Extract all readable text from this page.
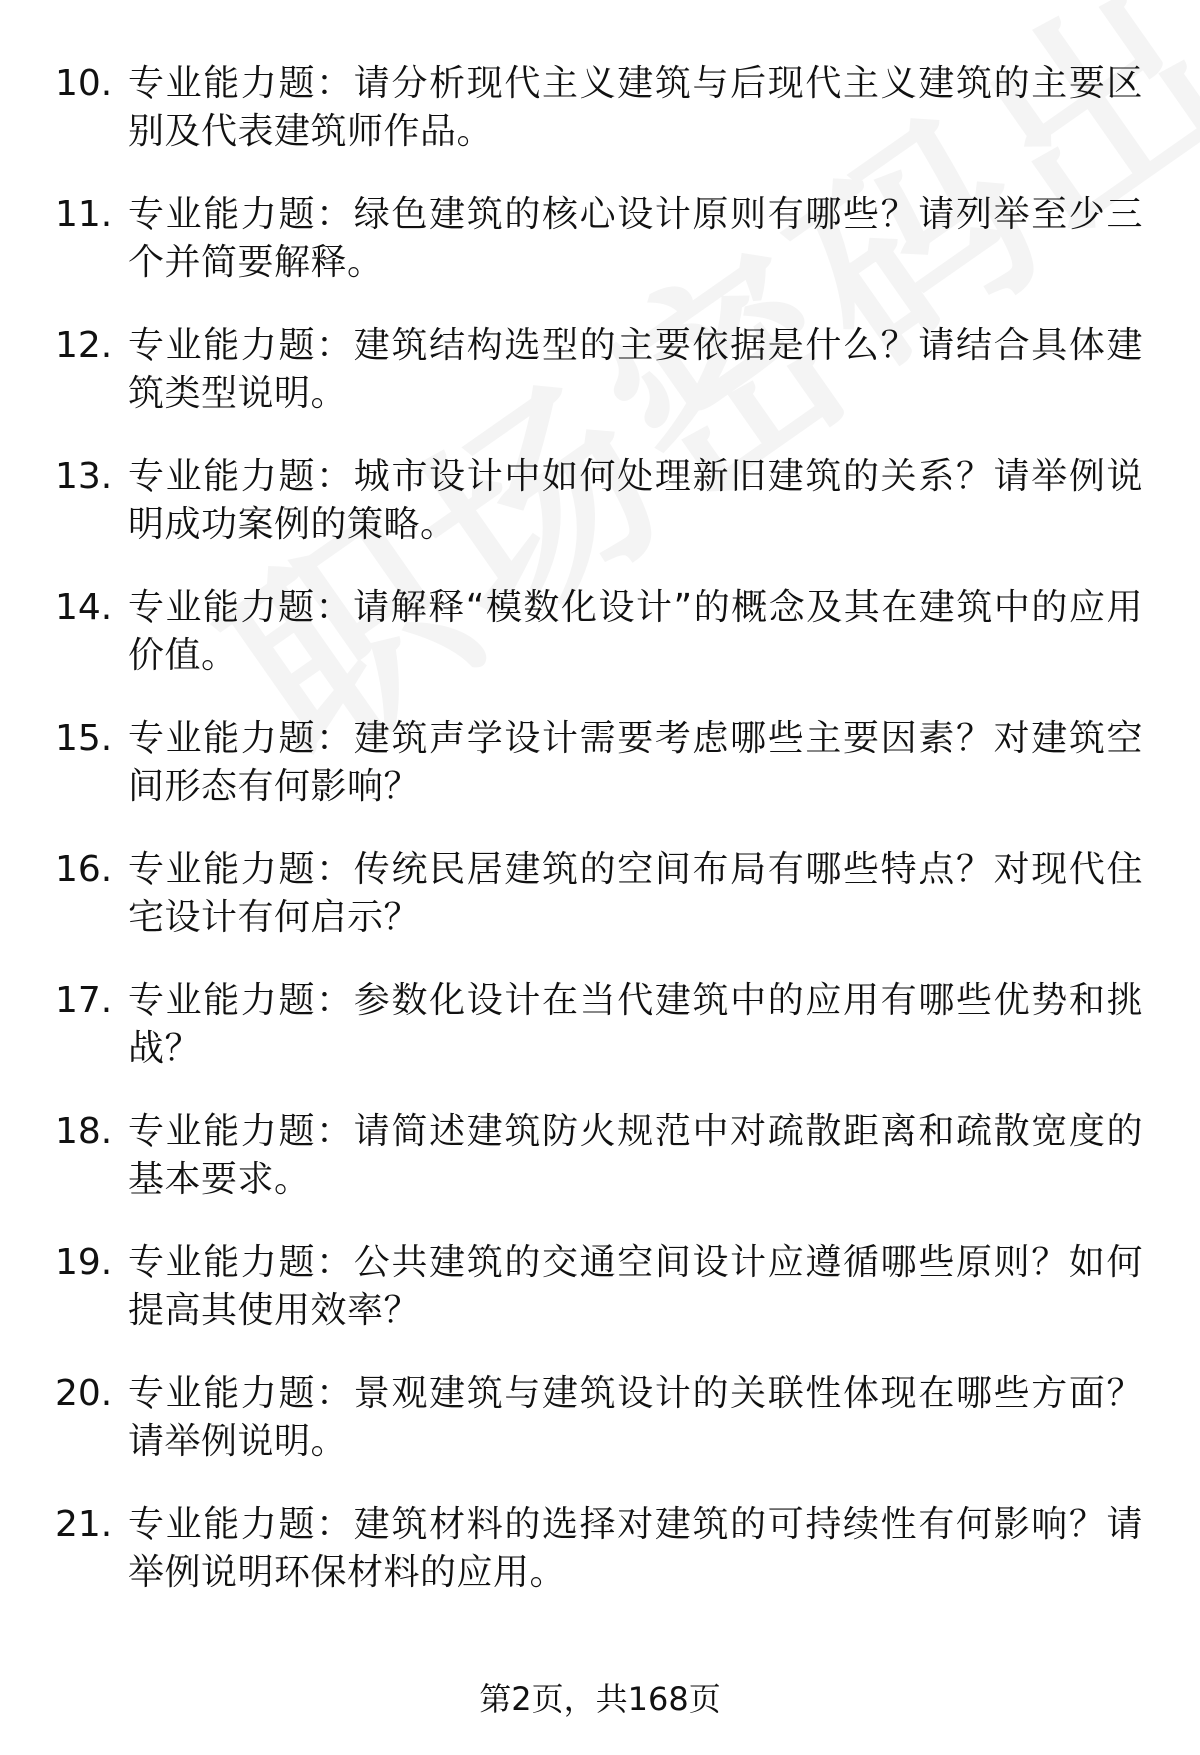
10. 专业能力题：请分析现代主义建筑与后现代主义建筑的主要区别及代表建筑师作品。
11. 专业能力题：绿色建筑的核心设计原则有哪些？请列举至少三个并简要解释。
12. 专业能力题：建筑结构选型的主要依据是什么？请结合具体建筑类型说明。
13. 专业能力题：城市设计中如何处理新旧建筑的关系？请举例说明成功案例的策略。
14. 专业能力题：请解释“模数化设计”的概念及其在建筑中的应用价值。
15. 专业能力题：建筑声学设计需要考虑哪些主要因素？对建筑空间形态有何影响？
16. 专业能力题：传统民居建筑的空间布局有哪些特点？对现代住宅设计有何启示？
17. 专业能力题：参数化设计在当代建筑中的应用有哪些优势和挑战？
18. 专业能力题：请简述建筑防火规范中对疏散距离和疏散宽度的基本要求。
19. 专业能力题：公共建筑的交通空间设计应遵循哪些原则？如何提高其使用效率？
20. 专业能力题：景观建筑与建筑设计的关联性体现在哪些方面？请举例说明。
21. 专业能力题：建筑材料的选择对建筑的可持续性有何影响？请举例说明环保材料的应用。
第2页，共168页
